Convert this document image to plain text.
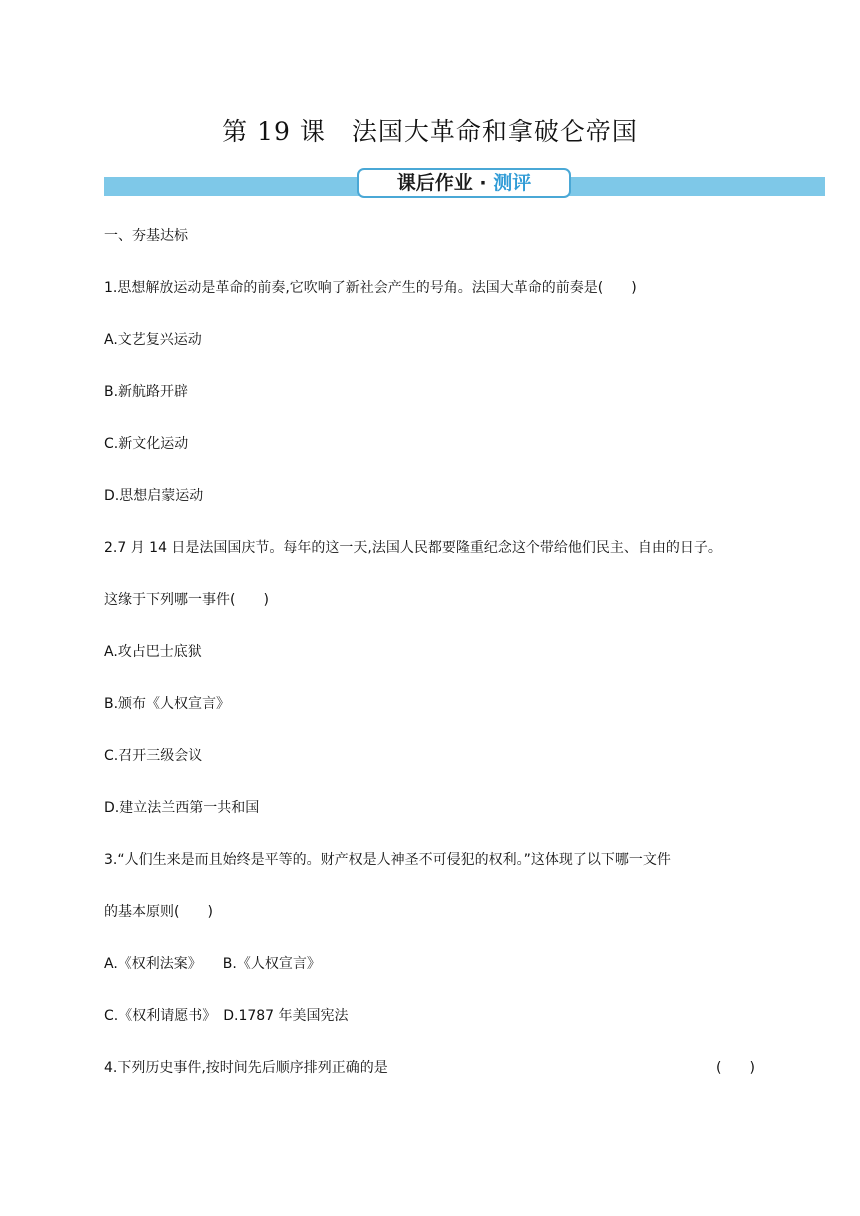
第 19 课　法国大革命和拿破仑帝国
课后作业 · 测评
一、夯基达标
1.思想解放运动是革命的前奏,它吹响了新社会产生的号角。法国大革命的前奏是(　　)
A.文艺复兴运动
B.新航路开辟
C.新文化运动
D.思想启蒙运动
2.7 月 14 日是法国国庆节。每年的这一天,法国人民都要隆重纪念这个带给他们民主、自由的日子。
这缘于下列哪一事件(　　)
A.攻占巴士底狱
B.颁布《人权宣言》
C.召开三级会议
D.建立法兰西第一共和国
3.“人们生来是而且始终是平等的。财产权是人神圣不可侵犯的权利。”这体现了以下哪一文件
的基本原则(　　)
A.《权利法案》　　B.《人权宣言》
C.《权利请愿书》　D.1787 年美国宪法
4.下列历史事件,按时间先后顺序排列正确的是	(　　)
